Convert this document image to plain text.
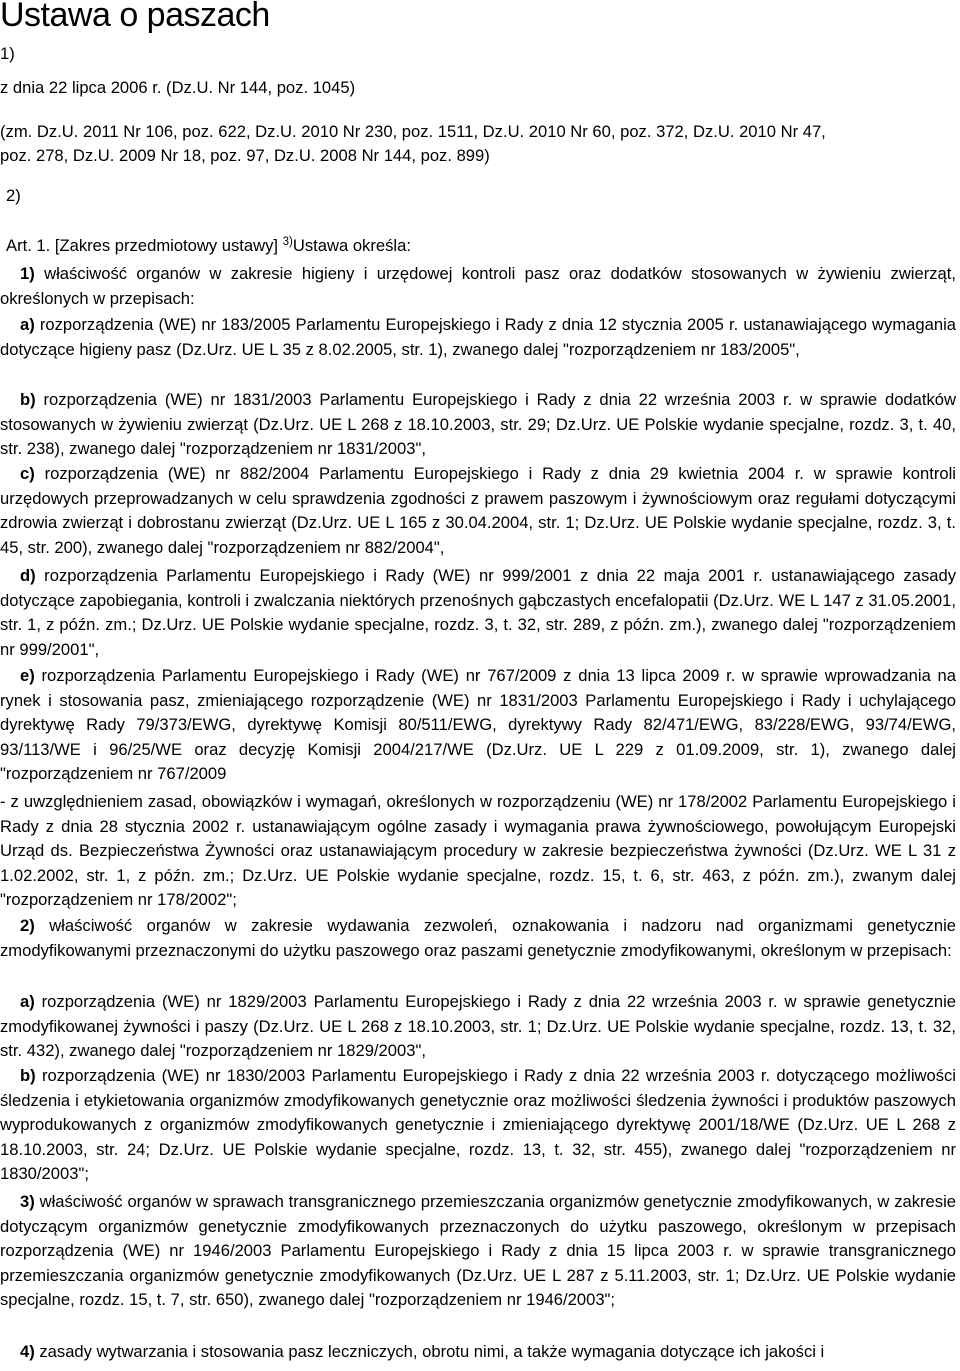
Ustawa o paszach
1)
z dnia 22 lipca 2006 r. (Dz.U. Nr 144, poz. 1045)
(zm. Dz.U. 2011 Nr 106, poz. 622, Dz.U. 2010 Nr 230, poz. 1511, Dz.U. 2010 Nr 60, poz. 372, Dz.U. 2010 Nr 47,
poz. 278, Dz.U. 2009 Nr 18, poz. 97, Dz.U. 2008 Nr 144, poz. 899)
2)
Art. 1. [Zakres przedmiotowy ustawy] $^{3)}$Ustawa określa:
1) właściwość organów w zakresie higieny i urzędowej kontroli pasz oraz dodatków stosowanych w żywieniu zwierząt, określonych w przepisach:
a) rozporządzenia (WE) nr 183/2005 Parlamentu Europejskiego i Rady z dnia 12 stycznia 2005 r. ustanawiającego wymagania dotyczące higieny pasz (Dz.Urz. UE L 35 z 8.02.2005, str. 1), zwanego dalej "rozporządzeniem nr 183/2005",
b) rozporządzenia (WE) nr 1831/2003 Parlamentu Europejskiego i Rady z dnia 22 września 2003 r. w sprawie dodatków stosowanych w żywieniu zwierząt (Dz.Urz. UE L 268 z 18.10.2003, str. 29; Dz.Urz. UE Polskie wydanie specjalne, rozdz. 3, t. 40, str. 238), zwanego dalej "rozporządzeniem nr 1831/2003",
c) rozporządzenia (WE) nr 882/2004 Parlamentu Europejskiego i Rady z dnia 29 kwietnia 2004 r. w sprawie kontroli urzędowych przeprowadzanych w celu sprawdzenia zgodności z prawem paszowym i żywnościowym oraz regułami dotyczącymi zdrowia zwierząt i dobrostanu zwierząt (Dz.Urz. UE L 165 z 30.04.2004, str. 1; Dz.Urz. UE Polskie wydanie specjalne, rozdz. 3, t. 45, str. 200), zwanego dalej "rozporządzeniem nr 882/2004",
d) rozporządzenia Parlamentu Europejskiego i Rady (WE) nr 999/2001 z dnia 22 maja 2001 r. ustanawiającego zasady dotyczące zapobiegania, kontroli i zwalczania niektórych przenośnych gąbczastych encefalopatii (Dz.Urz. WE L 147 z 31.05.2001, str. 1, z późn. zm.; Dz.Urz. UE Polskie wydanie specjalne, rozdz. 3, t. 32, str. 289, z późn. zm.), zwanego dalej "rozporządzeniem nr 999/2001",
e) rozporządzenia Parlamentu Europejskiego i Rady (WE) nr 767/2009 z dnia 13 lipca 2009 r. w sprawie wprowadzania na rynek i stosowania pasz, zmieniającego rozporządzenie (WE) nr 1831/2003 Parlamentu Europejskiego i Rady i uchylającego dyrektywę Rady 79/373/EWG, dyrektywę Komisji 80/511/EWG, dyrektywy Rady 82/471/EWG, 83/228/EWG, 93/74/EWG, 93/113/WE i 96/25/WE oraz decyzję Komisji 2004/217/WE (Dz.Urz. UE L 229 z 01.09.2009, str. 1), zwanego dalej "rozporządzeniem nr 767/2009
- z uwzględnieniem zasad, obowiązków i wymagań, określonych w rozporządzeniu (WE) nr 178/2002 Parlamentu Europejskiego i Rady z dnia 28 stycznia 2002 r. ustanawiającym ogólne zasady i wymagania prawa żywnościowego, powołującym Europejski Urząd ds. Bezpieczeństwa Żywności oraz ustanawiającym procedury w zakresie bezpieczeństwa żywności (Dz.Urz. WE L 31 z 1.02.2002, str. 1, z późn. zm.; Dz.Urz. UE Polskie wydanie specjalne, rozdz. 15, t. 6, str. 463, z późn. zm.), zwanym dalej "rozporządzeniem nr 178/2002";
2) właściwość organów w zakresie wydawania zezwoleń, oznakowania i nadzoru nad organizmami genetycznie zmodyfikowanymi przeznaczonymi do użytku paszowego oraz paszami genetycznie zmodyfikowanymi, określonym w przepisach:
a) rozporządzenia (WE) nr 1829/2003 Parlamentu Europejskiego i Rady z dnia 22 września 2003 r. w sprawie genetycznie zmodyfikowanej żywności i paszy (Dz.Urz. UE L 268 z 18.10.2003, str. 1; Dz.Urz. UE Polskie wydanie specjalne, rozdz. 13, t. 32, str. 432), zwanego dalej "rozporządzeniem nr 1829/2003",
b) rozporządzenia (WE) nr 1830/2003 Parlamentu Europejskiego i Rady z dnia 22 września 2003 r. dotyczącego możliwości śledzenia i etykietowania organizmów zmodyfikowanych genetycznie oraz możliwości śledzenia żywności i produktów paszowych wyprodukowanych z organizmów zmodyfikowanych genetycznie i zmieniającego dyrektywę 2001/18/WE (Dz.Urz. UE L 268 z 18.10.2003, str. 24; Dz.Urz. UE Polskie wydanie specjalne, rozdz. 13, t. 32, str. 455), zwanego dalej "rozporządzeniem nr 1830/2003";
3) właściwość organów w sprawach transgranicznego przemieszczania organizmów genetycznie zmodyfikowanych, w zakresie dotyczącym organizmów genetycznie zmodyfikowanych przeznaczonych do użytku paszowego, określonym w przepisach rozporządzenia (WE) nr 1946/2003 Parlamentu Europejskiego i Rady z dnia 15 lipca 2003 r. w sprawie transgranicznego przemieszczania organizmów genetycznie zmodyfikowanych (Dz.Urz. UE L 287 z 5.11.2003, str. 1; Dz.Urz. UE Polskie wydanie specjalne, rozdz. 15, t. 7, str. 650), zwanego dalej "rozporządzeniem nr 1946/2003";
4) zasady wytwarzania i stosowania pasz leczniczych, obrotu nimi, a także wymagania dotyczące ich jakości i
